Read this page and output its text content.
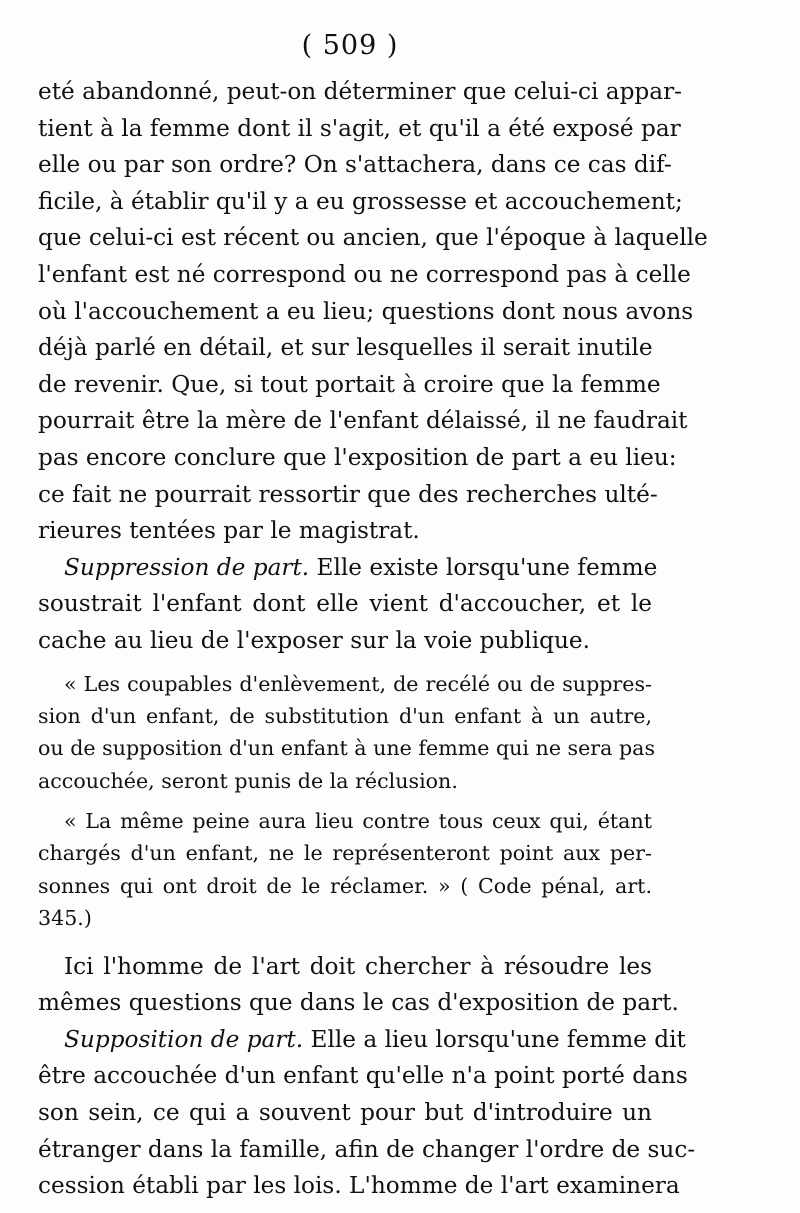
( 509 )
eté abandonné, peut-on déterminer que celui-ci appar-
tient à la femme dont il s'agit, et qu'il a été exposé par
elle ou par son ordre? On s'attachera, dans ce cas dif-
ficile, à établir qu'il y a eu grossesse et accouchement;
que celui-ci est récent ou ancien, que l'époque à laquelle
l'enfant est né correspond ou ne correspond pas à celle
où l'accouchement a eu lieu; questions dont nous avons
déjà parlé en détail, et sur lesquelles il serait inutile
de revenir. Que, si tout portait à croire que la femme
pourrait être la mère de l'enfant délaissé, il ne faudrait
pas encore conclure que l'exposition de part a eu lieu:
ce fait ne pourrait ressortir que des recherches ulté-
rieures tentées par le magistrat.
Suppression de part. Elle existe lorsqu'une femme
soustrait l'enfant dont elle vient d'accoucher, et le
cache au lieu de l'exposer sur la voie publique.
« Les coupables d'enlèvement, de recélé ou de suppres-
sion d'un enfant, de substitution d'un enfant à un autre,
ou de supposition d'un enfant à une femme qui ne sera pas
accouchée, seront punis de la réclusion.
« La même peine aura lieu contre tous ceux qui, étant
chargés d'un enfant, ne le représenteront point aux per-
sonnes qui ont droit de le réclamer. » ( Code pénal, art.
345.)
Ici l'homme de l'art doit chercher à résoudre les
mêmes questions que dans le cas d'exposition de part.
Supposition de part. Elle a lieu lorsqu'une femme dit
être accouchée d'un enfant qu'elle n'a point porté dans
son sein, ce qui a souvent pour but d'introduire un
étranger dans la famille, afin de changer l'ordre de suc-
cession établi par les lois. L'homme de l'art examinera
